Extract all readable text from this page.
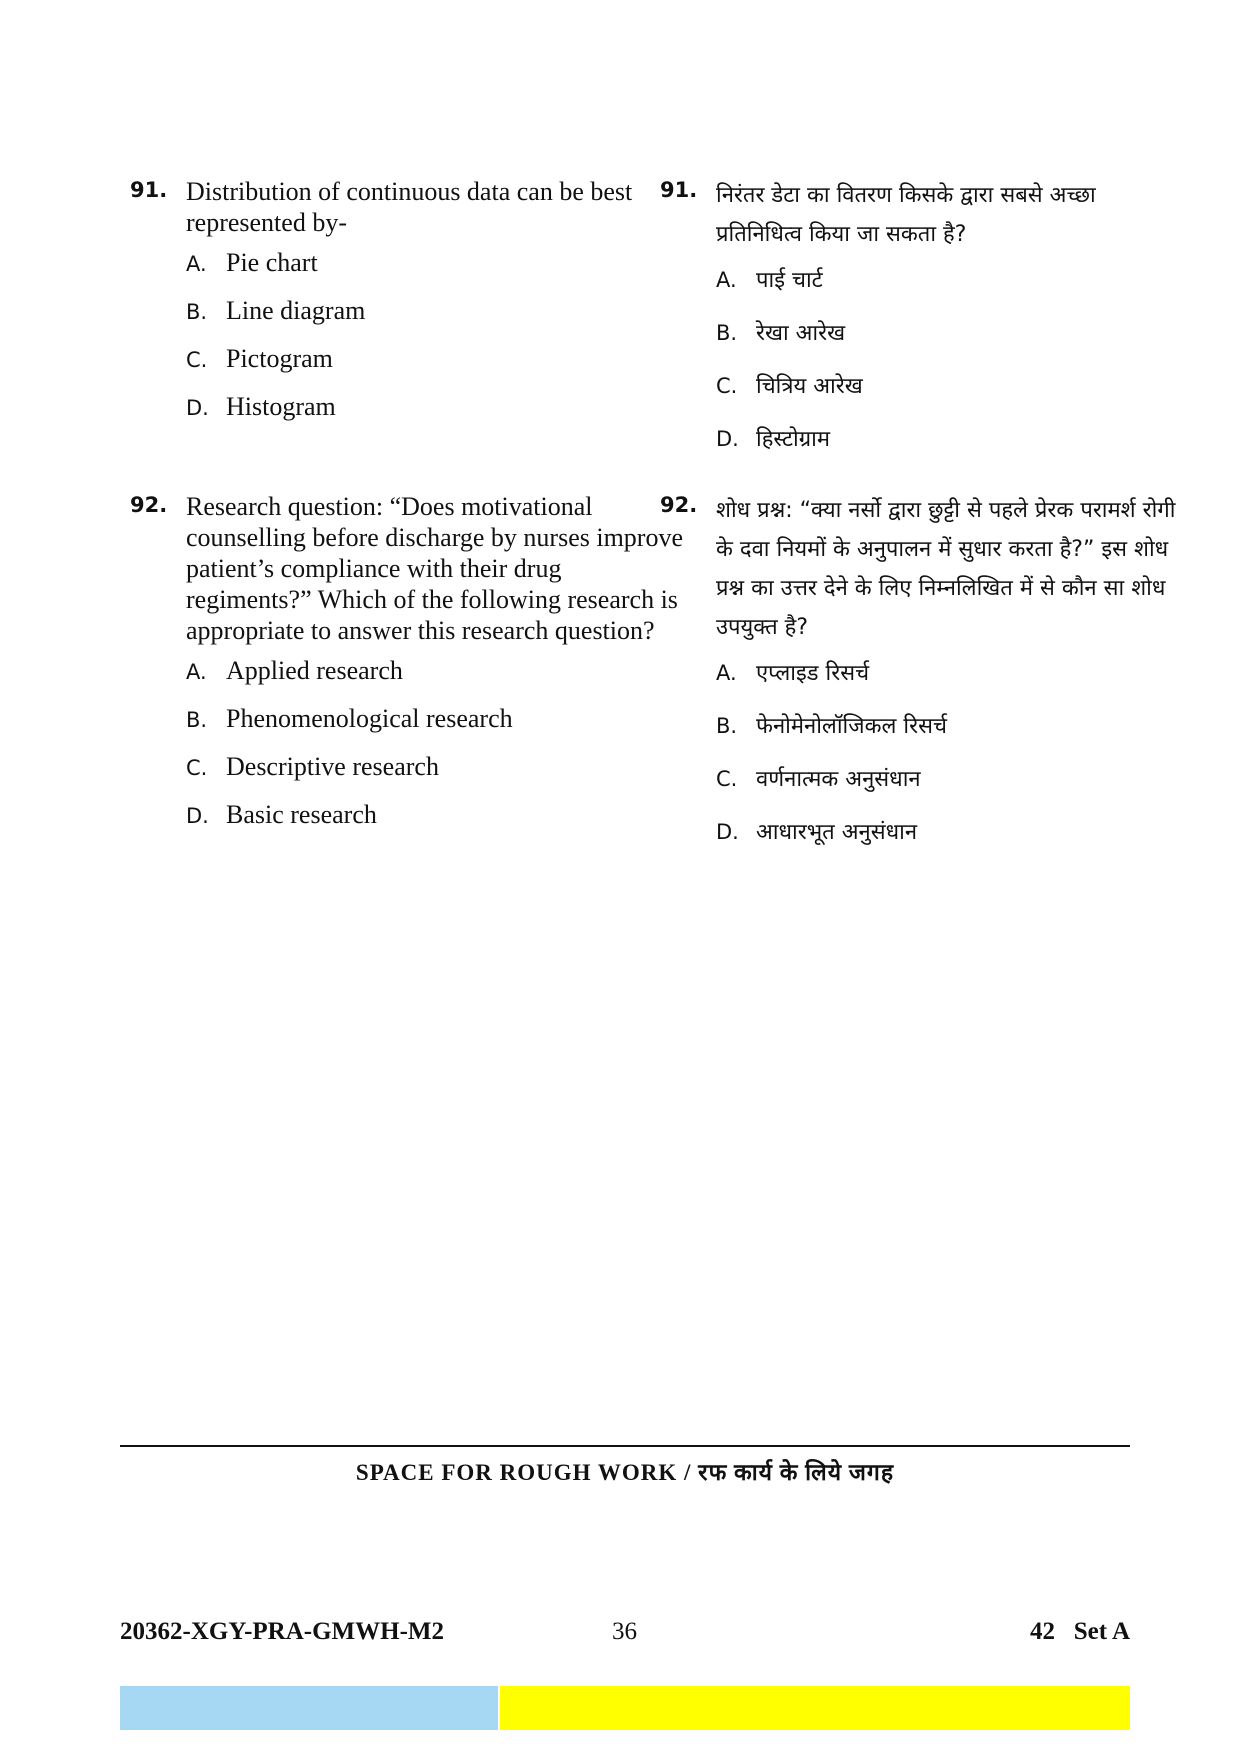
91. Distribution of continuous data can be best represented by-
A. Pie chart
B. Line diagram
C. Pictogram
D. Histogram
92. Research question: “Does motivational counselling before discharge by nurses improve patient’s compliance with their drug regiments?” Which of the following research is appropriate to answer this research question?
A. Applied research
B. Phenomenological research
C. Descriptive research
D. Basic research
91. निरंतर डेटा का वितरण किसके द्वारा सबसे अच्छा प्रतिनिधित्व किया जा सकता है?
A. पाई चार्ट
B. रेखा आरेख
C. चित्रिय आरेख
D. हिस्टोग्राम
92. शोध प्रश्न: “क्या नर्सो द्वारा छुट्टी से पहले प्रेरक परामर्श रोगी के दवा नियमों के अनुपालन में सुधार करता है?” इस शोध प्रश्न का उत्तर देने के लिए निम्नलिखित में से कौन सा शोध उपयुक्त है?
A. एप्लाइड रिसर्च
B. फेनोमेनोलॉजिकल रिसर्च
C. वर्णनात्मक अनुसंधान
D. आधारभूत अनुसंधान
SPACE FOR ROUGH WORK / रफ कार्य के लिये जगह
20362-XGY-PRA-GMWH-M2	36	42   Set A
